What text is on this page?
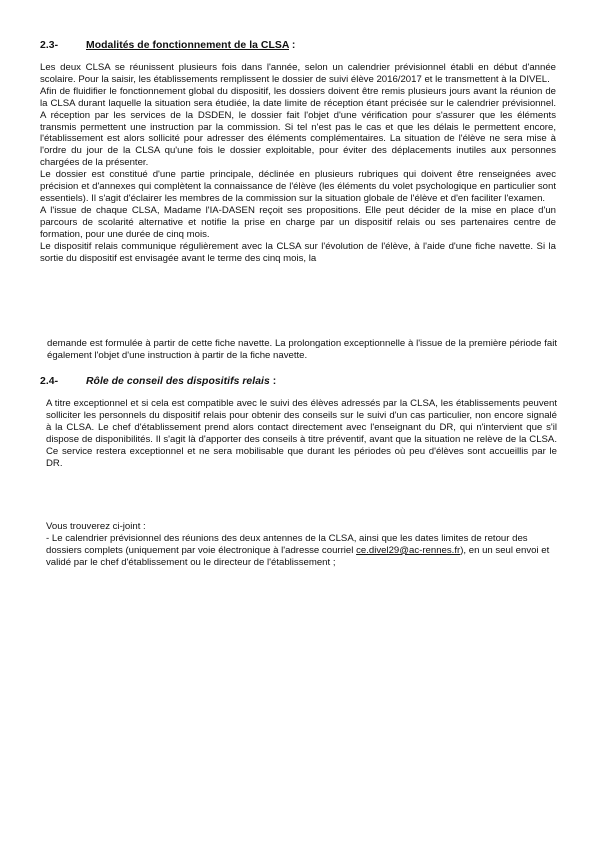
2.3-	Modalités de fonctionnement de la CLSA :
Les deux CLSA se réunissent plusieurs fois dans l'année, selon un calendrier prévisionnel établi en début d'année scolaire. Pour la saisir, les établissements remplissent le dossier de suivi élève 2016/2017 et le transmettent à la DIVEL.
Afin de fluidifier le fonctionnement global du dispositif, les dossiers doivent être remis plusieurs jours avant la réunion de la CLSA durant laquelle la situation sera étudiée, la date limite de réception étant précisée sur le calendrier prévisionnel. A réception par les services de la DSDEN, le dossier fait l'objet d'une vérification pour s'assurer que les éléments transmis permettent une instruction par la commission. Si tel n'est pas le cas et que les délais le permettent encore, l'établissement est alors sollicité pour adresser des éléments complémentaires. La situation de l'élève ne sera mise à l'ordre du jour de la CLSA qu'une fois le dossier exploitable, pour éviter des déplacements inutiles aux personnes chargées de la présenter.
Le dossier est constitué d'une partie principale, déclinée en plusieurs rubriques qui doivent être renseignées avec précision et d'annexes qui complètent la connaissance de l'élève (les éléments du volet psychologique en particulier sont essentiels). Il s'agit d'éclairer les membres de la commission sur la situation globale de l'élève et d'en faciliter l'examen.
A l'issue de chaque CLSA, Madame l'IA-DASEN reçoit ses propositions. Elle peut décider de la mise en place d'un parcours de scolarité alternative et notifie la prise en charge par un dispositif relais ou ses partenaires centre de formation, pour une durée de cinq mois.
Le dispositif relais communique régulièrement avec la CLSA sur l'évolution de l'élève, à l'aide d'une fiche navette. Si la sortie du dispositif est envisagée avant le terme des cinq mois, la

demande est formulée à partir de cette fiche navette. La prolongation exceptionnelle à l'issue de la première période fait également l'objet d'une instruction à partir de la fiche navette.

2.4-	Rôle de conseil des dispositifs relais :

A titre exceptionnel et si cela est compatible avec le suivi des élèves adressés par la CLSA, les établissements peuvent solliciter les personnels du dispositif relais pour obtenir des conseils sur le suivi d'un cas particulier, non encore signalé à la CLSA. Le chef d'établissement prend alors contact directement avec l'enseignant du DR, qui n'intervient que s'il dispose de disponibilités. Il s'agit là d'apporter des conseils à titre préventif, avant que la situation ne relève de la CLSA. Ce service restera exceptionnel et ne sera mobilisable que durant les périodes où peu d'élèves sont accueillis par le DR.

Vous trouverez ci-joint :
- Le calendrier prévisionnel des réunions des deux antennes de la CLSA, ainsi que les dates limites de retour des dossiers complets (uniquement par voie électronique à l'adresse courriel ce.divel29@ac-rennes.fr), en un seul envoi et validé par le chef d'établissement ou le directeur de l'établissement ;
